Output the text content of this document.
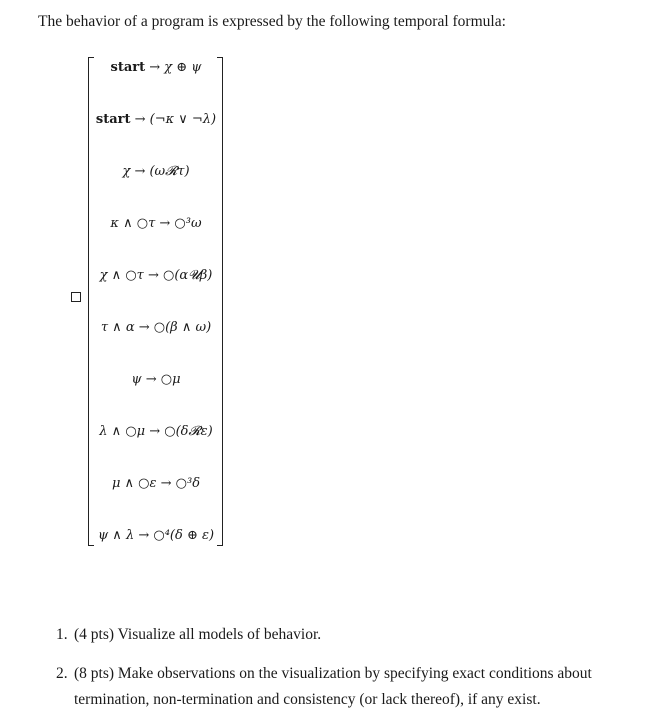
The behavior of a program is expressed by the following temporal formula:
start → χ ⊕ ψ
start → (¬κ ∨ ¬λ)
χ → (ω𝓡τ)
κ ∧ ○τ → ○³ω
χ ∧ ○τ → ○(α𝓤β)
τ ∧ α → ○(β ∧ ω)
ψ → ○μ
λ ∧ ○μ → ○(δ𝓡ε)
μ ∧ ○ε → ○³δ
ψ ∧ λ → ○⁴(δ ⊕ ε)
1. (4 pts) Visualize all models of behavior.
2. (8 pts) Make observations on the visualization by specifying exact conditions about termination, non-termination and consistency (or lack thereof), if any exist.
